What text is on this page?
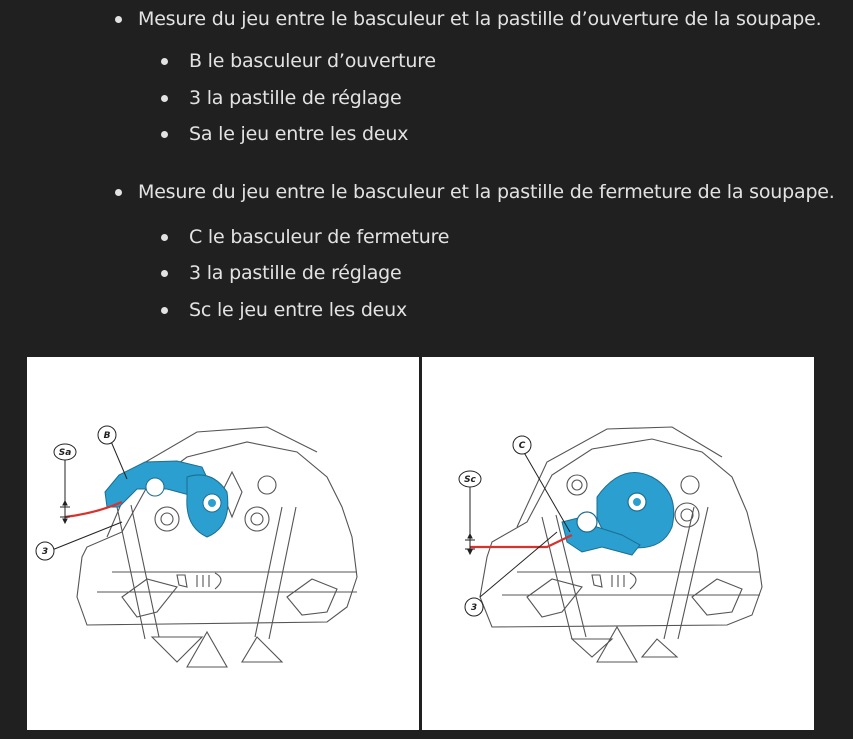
Mesure du jeu entre le basculeur et la pastille d’ouverture de la soupape.
B le basculeur d’ouverture
3 la pastille de réglage
Sa le jeu entre les deux
Mesure du jeu entre le basculeur et la pastille de fermeture de la soupape.
C le basculeur de fermeture
3 la pastille de réglage
Sc le jeu entre les deux
Sa
B
3
Sc
C
3
